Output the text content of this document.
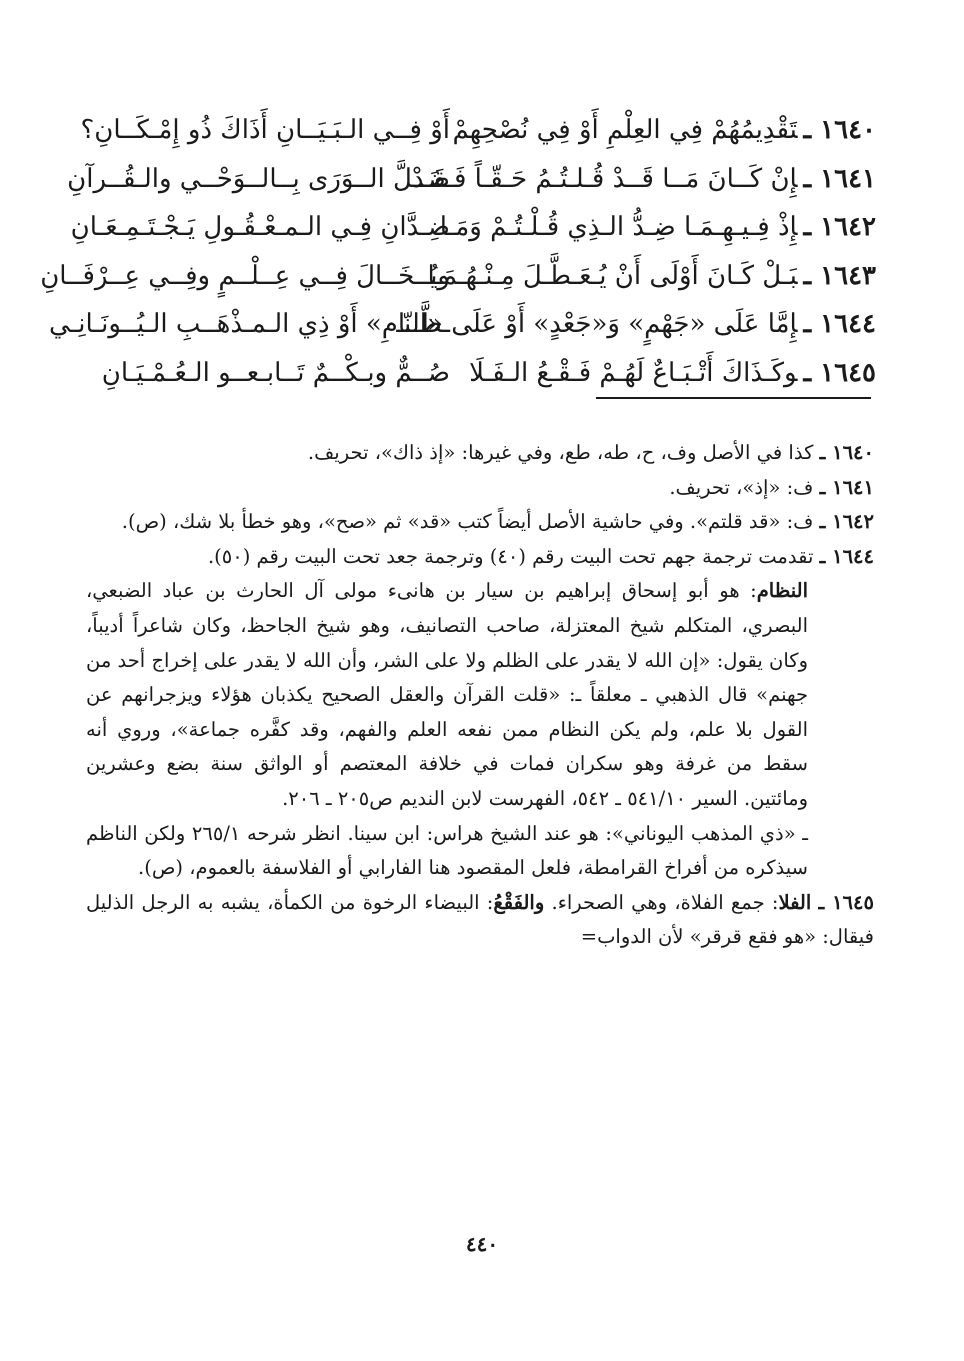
١٦٤٠ ـتَقْدِيمُهُمْ فِي العِلْمِ أَوْ فِي نُصْحِهِمْ
أَوْ فِــي الـبَـيَــانِ أَذَاكَ ذُو إِمْـكَــانِ؟
١٦٤١ ـإِنْ كَــانَ مَــا قَــدْ قُـلـتُـمُ حَـقّـاً فَـقَـدْ
ضَــلَّ الــوَرَى بِــالــوَحْــي والـقُــرآنِ
١٦٤٢ ـإِذْ فِـيـهِـمَـا ضِـدُّ الـذِي قُـلْـتُـمْ وَمَـا
ضِـدَّانِ فِـي الـمـعْـقُـولِ يَـجْـتَـمِـعَـانِ
١٦٤٣ ـبَـلْ كَـانَ أَوْلَى أَنْ يُـعَـطَّـلَ مِـنْـهُـمَـا
ويُــخَــالَ فِــي عِــلْــمٍ وفِــي عِــرْفَــانِ
١٦٤٤ ـإِمَّا عَلَى «جَهْمٍ» وَ«جَعْدٍ» أَوْ عَلَى «النّـ
ـظَّــامِ» أَوْ ذِي الـمـذْهَــبِ الـيُــونَـانِـي
١٦٤٥ ـوكَـذَاكَ أَتْـبَـاعٌ لَهُـمْ فَـقْـعُ الـفَـلَا
صُــمٌّ وبـكْــمٌ تَــابـعــو الـعُـمْـيَـانِ

١٦٤٠ ـ كذا في الأصل وف، ح، طه، طع، وفي غيرها: «إذ ذاك»، تحريف.

١٦٤١ ـ ف: «إذ»، تحريف.

١٦٤٢ ـ ف: «قد قلتم». وفي حاشية الأصل أيضاً كتب «قد» ثم «صح»، وهو خطأ بلا شك، (ص).

١٦٤٤ ـ تقدمت ترجمة جهم تحت البيت رقم (٤٠) وترجمة جعد تحت البيت رقم (٥٠).

النظام: هو أبو إسحاق إبراهيم بن سيار بن هانىء مولى آل الحارث بن عباد الضبعي، البصري، المتكلم شيخ المعتزلة، صاحب التصانيف، وهو شيخ الجاحظ، وكان شاعراً أديباً، وكان يقول: «إن الله لا يقدر على الظلم ولا على الشر، وأن الله لا يقدر على إخراج أحد من جهنم» قال الذهبي ـ معلقاً ـ: «قلت القرآن والعقل الصحيح يكذبان هؤلاء ويزجرانهم عن القول بلا علم، ولم يكن النظام ممن نفعه العلم والفهم، وقد كفَّره جماعة»، وروي أنه سقط من غرفة وهو سكران فمات في خلافة المعتصم أو الواثق سنة بضع وعشرين ومائتين. السير ٥٤١/١٠ ـ ٥٤٢، الفهرست لابن النديم ص٢٠٥ ـ ٢٠٦.

ـ «ذي المذهب اليوناني»: هو عند الشيخ هراس: ابن سينا. انظر شرحه ٢٦٥/١ ولكن الناظم سيذكره من أفراخ القرامطة، فلعل المقصود هنا الفارابي أو الفلاسفة بالعموم، (ص).

١٦٤٥ ـ الفلا: جمع الفلاة، وهي الصحراء. والفَقْعُ: البيضاء الرخوة من الكمأة، يشبه به الرجل الذليل فيقال: «هو فقع قرقر» لأن الدواب=

٤٤٠
